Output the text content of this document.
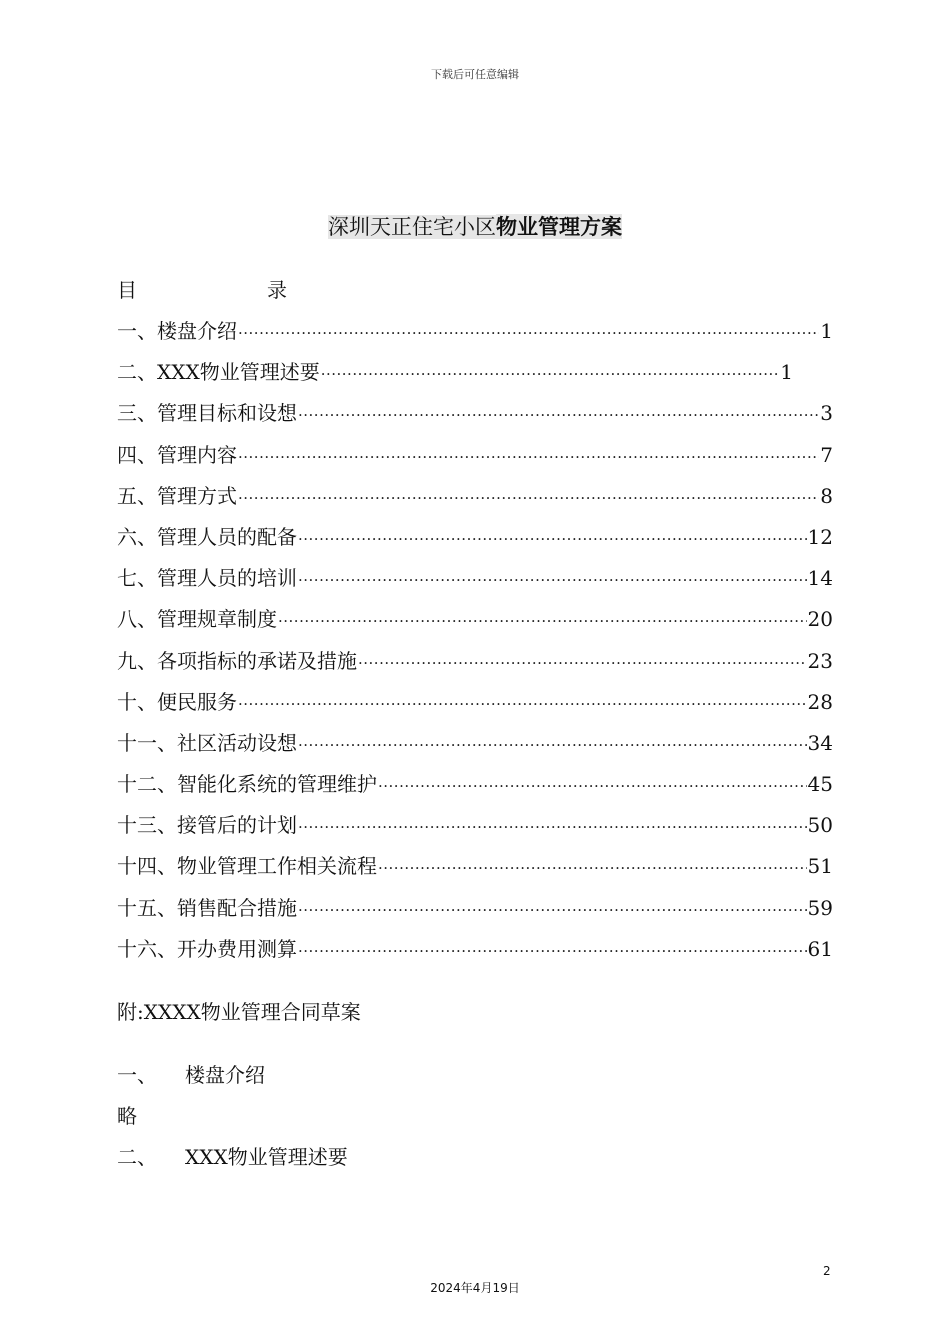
下载后可任意编辑
深圳天正住宅小区物业管理方案
目	录
一、楼盘介绍 ·····	1
二、XXX物业管理述要 ·····	1
三、管理目标和设想 ·····	3
四、管理内容 ·····	7
五、管理方式 ·····	8
六、管理人员的配备 ·····	12
七、管理人员的培训 ·····	14
八、管理规章制度 ·····	20
九、各项指标的承诺及措施 ·····	23
十、便民服务 ·····	28
十一、社区活动设想 ·····	34
十二、智能化系统的管理维护 ·····	45
十三、接管后的计划 ·····	50
十四、物业管理工作相关流程 ·····	51
十五、销售配合措施 ·····	59
十六、开办费用测算 ·····	61
附:XXXX物业管理合同草案
一、 楼盘介绍
略
二、 XXX物业管理述要
2
2024年4月19日
